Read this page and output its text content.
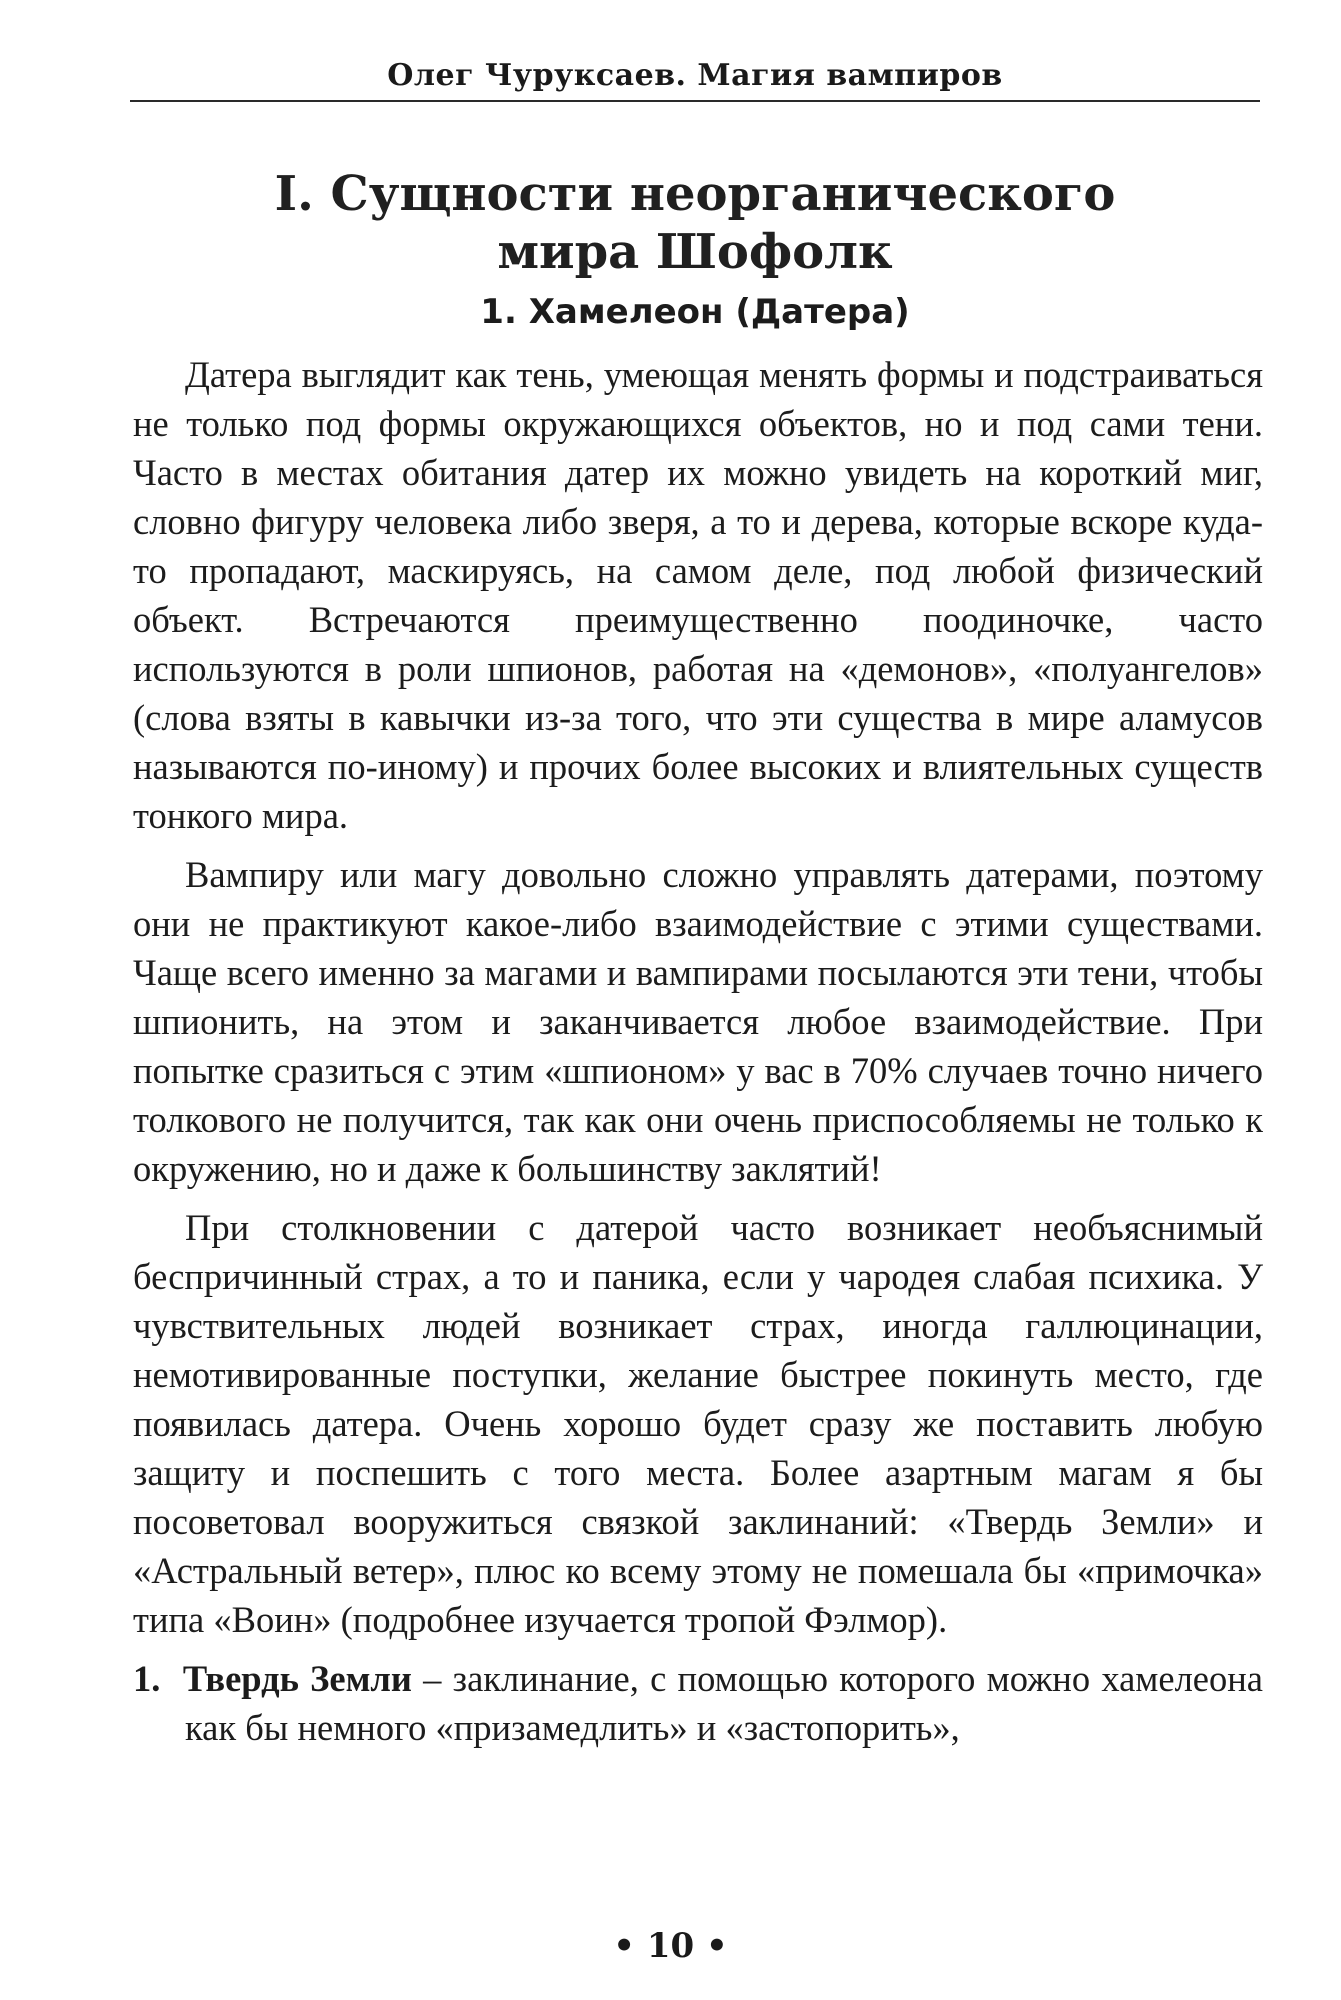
Олег Чуруксаев. Магия вампиров
I. Сущности неорганического
мира Шофолк
1. Хамелеон (Датера)

Датера выглядит как тень, умеющая менять формы и подстраиваться не только под формы окружающихся объектов, но и под сами тени. Часто в местах обитания датер их можно увидеть на короткий миг, словно фигуру человека либо зверя, а то и дерева, которые вскоре куда-то пропадают, маскируясь, на самом деле, под любой физический объект. Встречаются преимущественно поодиночке, часто используются в роли шпионов, работая на «демонов», «полуангелов» (слова взяты в кавычки из-за того, что эти существа в мире аламусов называются по-иному) и прочих более высоких и влиятельных существ тонкого мира.

Вампиру или магу довольно сложно управлять датерами, поэтому они не практикуют какое-либо взаимодействие с этими существами. Чаще всего именно за магами и вампирами посылаются эти тени, чтобы шпионить, на этом и заканчивается любое взаимодействие. При попытке сразиться с этим «шпионом» у вас в 70% случаев точно ничего толкового не получится, так как они очень приспособляемы не только к окружению, но и даже к большинству заклятий!

При столкновении с датерой часто возникает необъяснимый беспричинный страх, а то и паника, если у чародея слабая психика. У чувствительных людей возникает страх, иногда галлюцинации, немотивированные поступки, желание быстрее покинуть место, где появилась датера. Очень хорошо будет сразу же поставить любую защиту и поспешить с того места. Более азартным магам я бы посоветовал вооружиться связкой заклинаний: «Твердь Земли» и «Астральный ветер», плюс ко всему этому не помешала бы «примочка» типа «Воин» (подробнее изучается тропой Фэлмор).

1. Твердь Земли – заклинание, с помощью которого можно хамелеона как бы немного «призамедлить» и «застопорить»,

• 10 •
